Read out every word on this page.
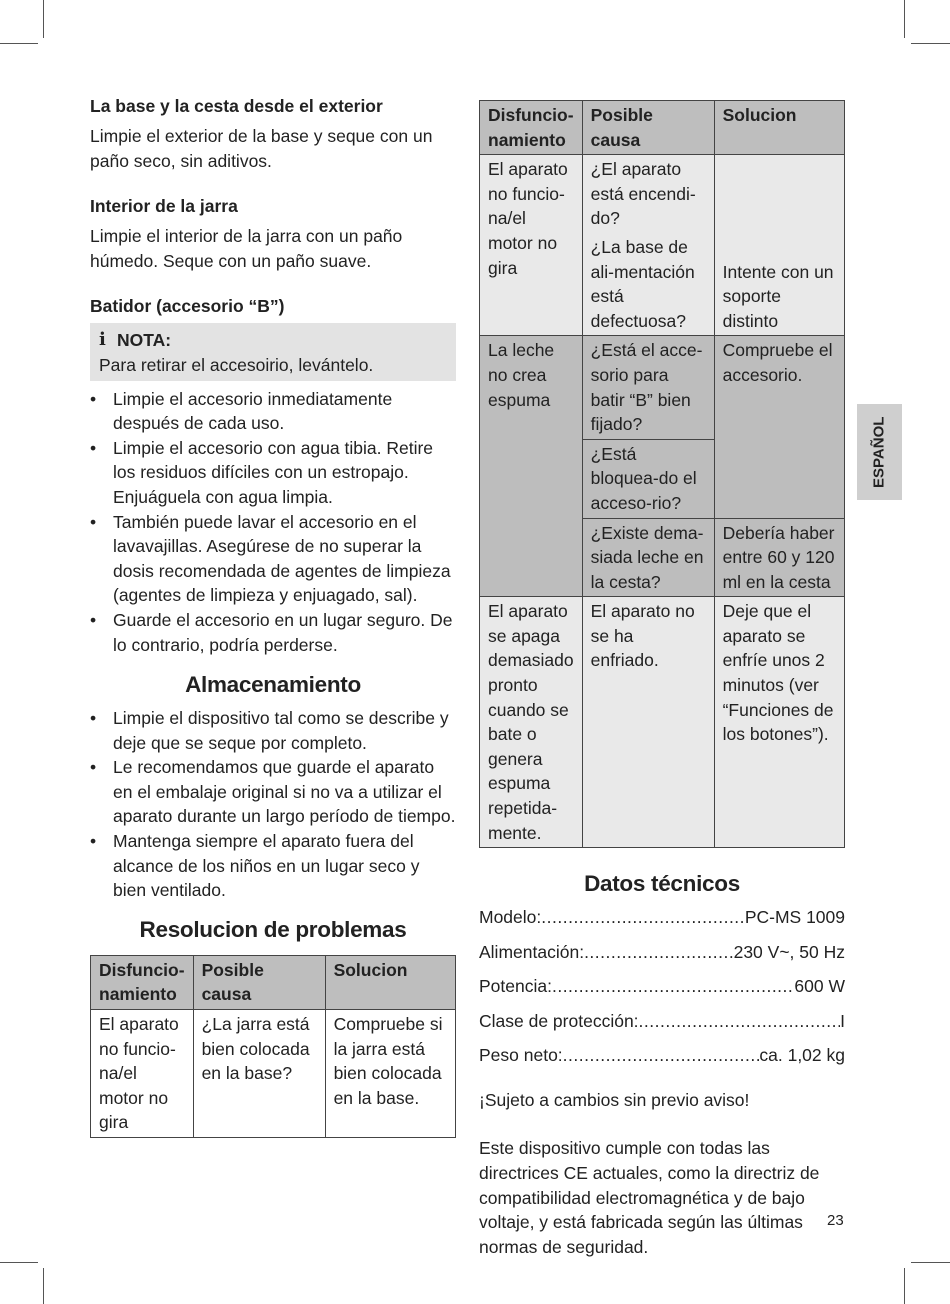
La base y la cesta desde el exterior

Limpie el exterior de la base y seque con un paño seco, sin aditivos.

Interior de la jarra

Limpie el interior de la jarra con un paño húmedo. Seque con un paño suave.

Batidor (accesorio “B”)
i NOTA:
Para retirar el accesoirio, levántelo.
• Limpie el accesorio inmediatamente después de cada uso.
• Limpie el accesorio con agua tibia. Retire los residuos difíciles con un estropajo. Enjuáguela con agua limpia.
• También puede lavar el accesorio en el lavavajillas. Asegúrese de no superar la dosis recomendada de agentes de limpieza (agentes de limpieza y enjuagado, sal).
• Guarde el accesorio en un lugar seguro. De lo contrario, podría perderse.
Almacenamiento
• Limpie el dispositivo tal como se describe y deje que se seque por completo.
• Le recomendamos que guarde el aparato en el embalaje original si no va a utilizar el aparato durante un largo período de tiempo.
• Mantenga siempre el aparato fuera del alcance de los niños en un lugar seco y bien ventilado.
Resolucion de problemas
Disfuncio-namiento	Posible causa	Solucion
El aparato no funcio-na/el motor no gira	¿La jarra está bien colocada en la base?	Compruebe si la jarra está bien colocada en la base.
Disfuncio-namiento	Posible causa	Solucion
El aparato no funcio-na/el motor no gira	¿El aparato está encendi-do?	Intente con un soporte distinto
	¿La base de ali-mentación está defectuosa?	
La leche no crea espuma	¿Está el acce-sorio para batir “B” bien fijado?	Compruebe el accesorio.
	¿Está bloquea-do el acceso-rio?	
	¿Existe dema-siada leche en la cesta?	Debería haber entre 60 y 120 ml en la cesta
El aparato se apaga demasiado pronto cuando se bate o genera espuma repetida-mente.	El aparato no se ha enfriado.	Deje que el aparato se enfríe unos 2 minutos (ver “Funciones de los botones”).
Datos técnicos
Modelo: .....	PC-MS 1009
Alimentación: .....	230 V~, 50 Hz
Potencia: .....	600 W
Clase de protección: .....	I
Peso neto: .....	ca. 1,02 kg

¡Sujeto a cambios sin previo aviso!

Este dispositivo cumple con todas las directrices CE actuales, como la directriz de compatibilidad electromagnética y de bajo voltaje, y está fabricada según las últimas normas de seguridad.

ESPAÑOL
23
